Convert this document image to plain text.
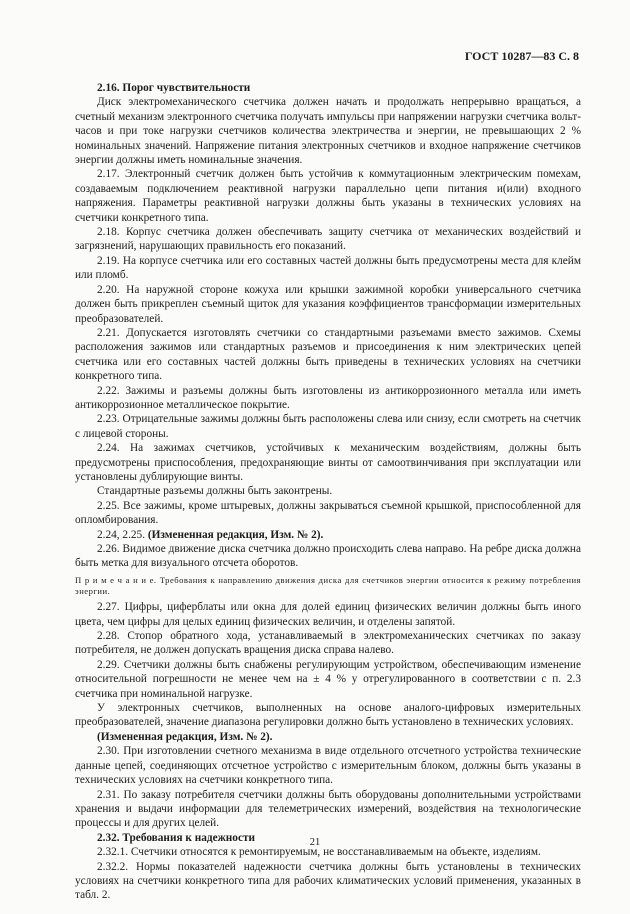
ГОСТ 10287—83 С. 8

2.16. Порог чувствительности

Диск электромеханического счетчика должен начать и продолжать непрерывно вращаться, а счетный механизм электронного счетчика получать импульсы при напряжении нагрузки счетчика вольт-часов и при токе нагрузки счетчиков количества электричества и энергии, не превышающих 2 % номинальных значений. Напряжение питания электронных счетчиков и входное напряжение счетчиков энергии должны иметь номинальные значения.

2.17. Электронный счетчик должен быть устойчив к коммутационным электрическим помехам, создаваемым подключением реактивной нагрузки параллельно цепи питания и(или) входного напряжения. Параметры реактивной нагрузки должны быть указаны в технических условиях на счетчики конкретного типа.

2.18. Корпус счетчика должен обеспечивать защиту счетчика от механических воздействий и загрязнений, нарушающих правильность его показаний.

2.19. На корпусе счетчика или его составных частей должны быть предусмотрены места для клейм или пломб.

2.20. На наружной стороне кожуха или крышки зажимной коробки универсального счетчика должен быть прикреплен съемный щиток для указания коэффициентов трансформации измерительных преобразователей.

2.21. Допускается изготовлять счетчики со стандартными разъемами вместо зажимов. Схемы расположения зажимов или стандартных разъемов и присоединения к ним электрических цепей счетчика или его составных частей должны быть приведены в технических условиях на счетчики конкретного типа.

2.22. Зажимы и разъемы должны быть изготовлены из антикоррозионного металла или иметь антикоррозионное металлическое покрытие.

2.23. Отрицательные зажимы должны быть расположены слева или снизу, если смотреть на счетчик с лицевой стороны.

2.24. На зажимах счетчиков, устойчивых к механическим воздействиям, должны быть предусмотрены приспособления, предохраняющие винты от самоотвинчивания при эксплуатации или установлены дублирующие винты.

Стандартные разъемы должны быть законтрены.

2.25. Все зажимы, кроме штыревых, должны закрываться съемной крышкой, приспособленной для опломбирования.

2.24, 2.25. (Измененная редакция, Изм. № 2).

2.26. Видимое движение диска счетчика должно происходить слева направо. На ребре диска должна быть метка для визуального отсчета оборотов.

П р и м е ч а н и е. Требования к направлению движения диска для счетчиков энергии относится к режиму потребления энергии.

2.27. Цифры, циферблаты или окна для долей единиц физических величин должны быть иного цвета, чем цифры для целых единиц физических величин, и отделены запятой.

2.28. Стопор обратного хода, устанавливаемый в электромеханических счетчиках по заказу потребителя, не должен допускать вращения диска справа налево.

2.29. Счетчики должны быть снабжены регулирующим устройством, обеспечивающим изменение относительной погрешности не менее чем на ± 4 % у отрегулированного в соответствии с п. 2.3 счетчика при номинальной нагрузке.

У электронных счетчиков, выполненных на основе аналого-цифровых измерительных преобразователей, значение диапазона регулировки должно быть установлено в технических условиях.

(Измененная редакция, Изм. № 2).

2.30. При изготовлении счетного механизма в виде отдельного отсчетного устройства технические данные цепей, соединяющих отсчетное устройство с измерительным блоком, должны быть указаны в технических условиях на счетчики конкретного типа.

2.31. По заказу потребителя счетчики должны быть оборудованы дополнительными устройствами хранения и выдачи информации для телеметрических измерений, воздействия на технологические процессы и для других целей.

2.32. Требования к надежности

2.32.1. Счетчики относятся к ремонтируемым, не восстанавливаемым на объекте, изделиям.

2.32.2. Нормы показателей надежности счетчика должны быть установлены в технических условиях на счетчики конкретного типа для рабочих климатических условий применения, указанных в табл. 2.

21
